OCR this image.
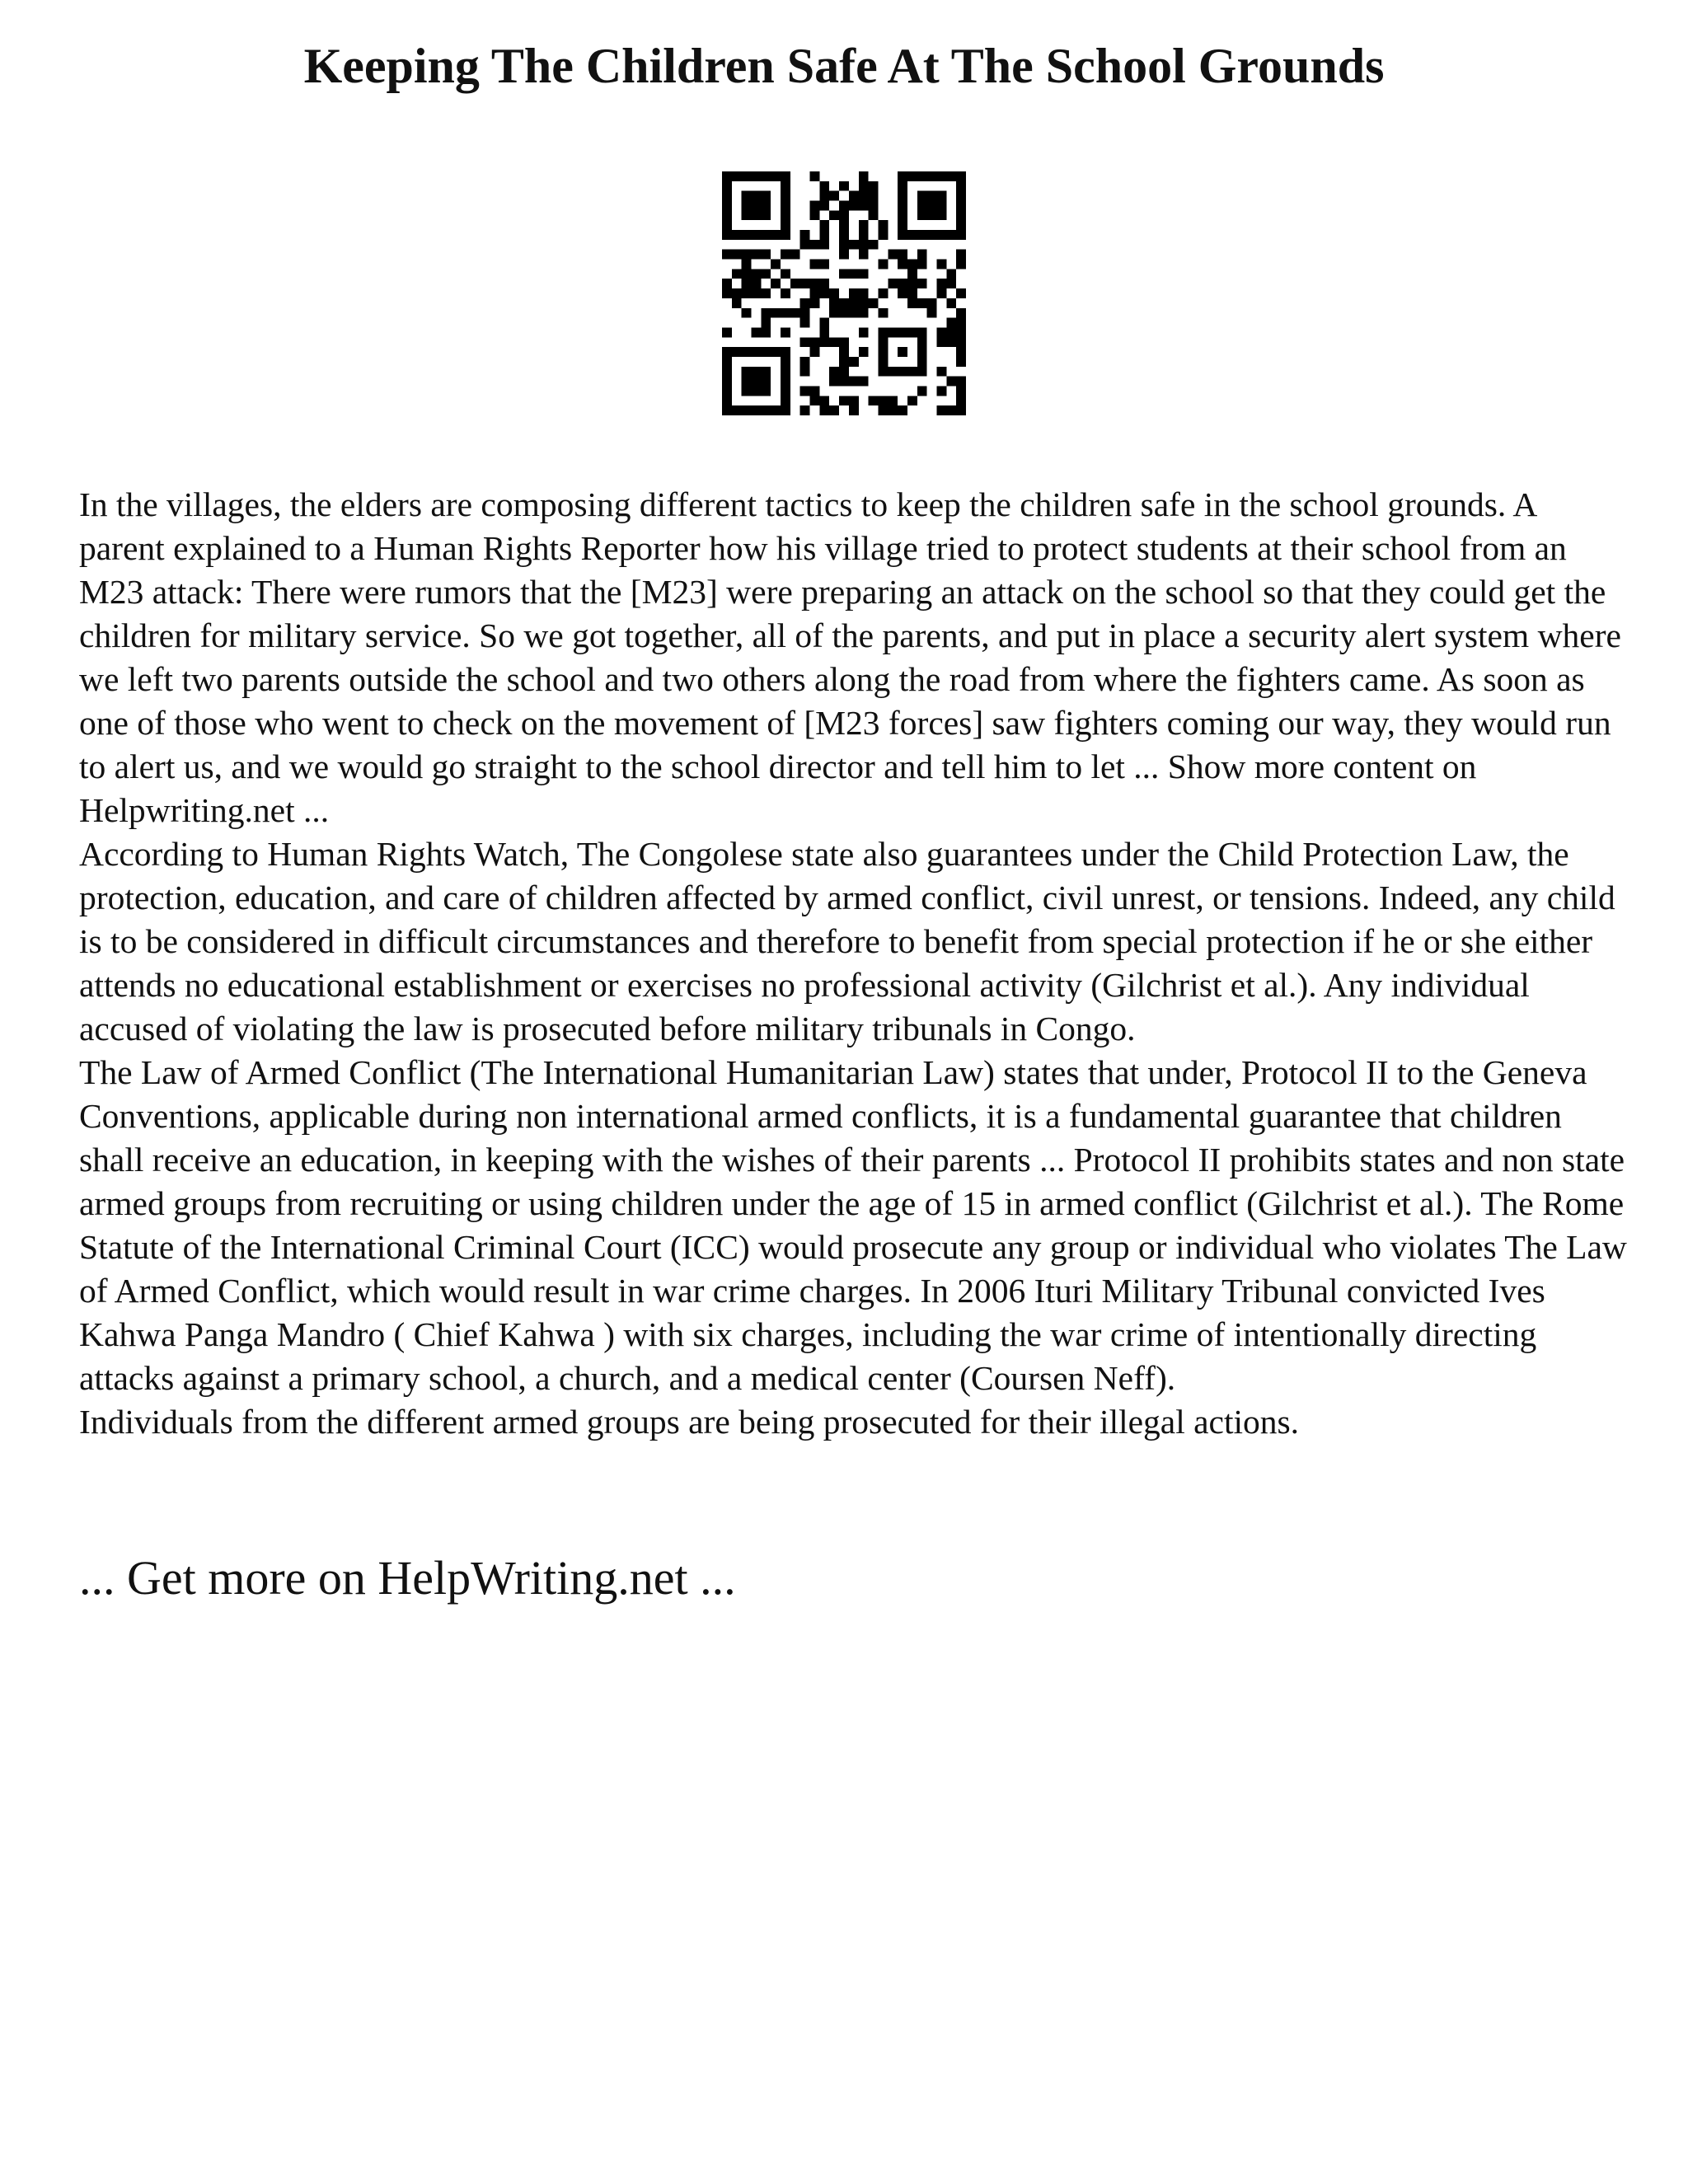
Keeping The Children Safe At The School Grounds

In the villages, the elders are composing different tactics to keep the children safe in the school grounds. A parent explained to a Human Rights Reporter how his village tried to protect students at their school from an M23 attack: There were rumors that the [M23] were preparing an attack on the school so that they could get the children for military service. So we got together, all of the parents, and put in place a security alert system where we left two parents outside the school and two others along the road from where the fighters came. As soon as one of those who went to check on the movement of [M23 forces] saw fighters coming our way, they would run to alert us, and we would go straight to the school director and tell him to let ... Show more content on Helpwriting.net ...

According to Human Rights Watch, The Congolese state also guarantees under the Child Protection Law, the protection, education, and care of children affected by armed conflict, civil unrest, or tensions. Indeed, any child is to be considered in difficult circumstances and therefore to benefit from special protection if he or she either attends no educational establishment or exercises no professional activity (Gilchrist et al.). Any individual accused of violating the law is prosecuted before military tribunals in Congo.

The Law of Armed Conflict (The International Humanitarian Law) states that under, Protocol II to the Geneva Conventions, applicable during non international armed conflicts, it is a fundamental guarantee that children shall receive an education, in keeping with the wishes of their parents ... Protocol II prohibits states and non state armed groups from recruiting or using children under the age of 15 in armed conflict (Gilchrist et al.). The Rome Statute of the International Criminal Court (ICC) would prosecute any group or individual who violates The Law of Armed Conflict, which would result in war crime charges. In 2006 Ituri Military Tribunal convicted Ives Kahwa Panga Mandro ( Chief Kahwa ) with six charges, including the war crime of intentionally directing attacks against a primary school, a church, and a medical center (Coursen Neff).

Individuals from the different armed groups are being prosecuted for their illegal actions.

... Get more on HelpWriting.net ...
